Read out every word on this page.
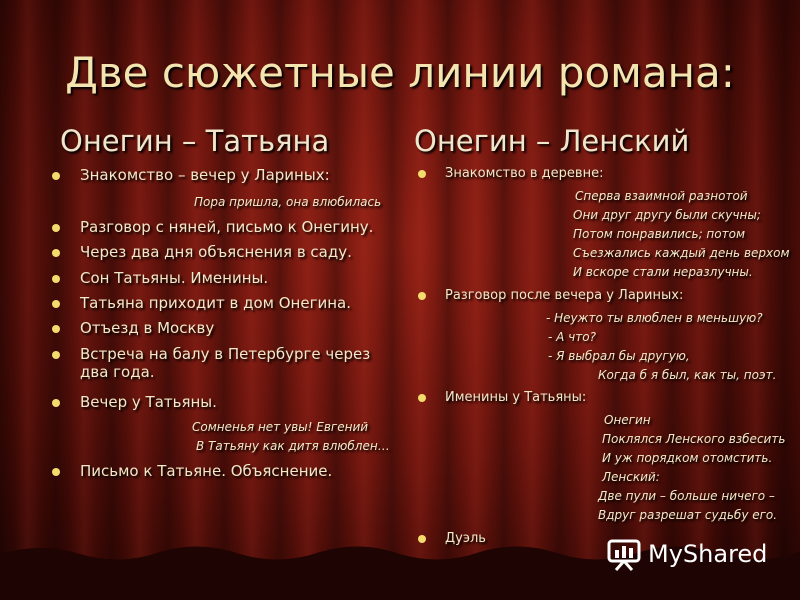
Две сюжетные линии романа:
Онегин – Татьяна	Онегин – Ленский
Знакомство – вечер у Лариных:
Разговор с няней, письмо к Онегину.
Через два дня объяснения в саду.
Сон Татьяны. Именины.
Татьяна приходит в дом Онегина.
Отъезд в Москву
Встреча на балу в Петербурге через
два года.
Вечер у Татьяны.
Письмо к Татьяне. Объяснение.
Пора пришла, она влюбилась
Сомненья нет увы! Евгений
В Татьяну как дитя влюблен…
Знакомство в деревне:
Разговор после вечера у Лариных:
Именины у Татьяны:
Дуэль
Сперва взаимной разнотой
Они друг другу были скучны;
Потом понравились; потом
Съезжались каждый день верхом
И вскоре стали неразлучны.
- Неужто ты влюблен в меньшую?
- А что?
- Я выбрал бы другую,
Когда б я был, как ты, поэт.
Онегин
Поклялся Ленского взбесить
И уж порядком отомстить.
Ленский:
Две пули – больше ничего –
Вдруг разрешат судьбу его.
MyShared
